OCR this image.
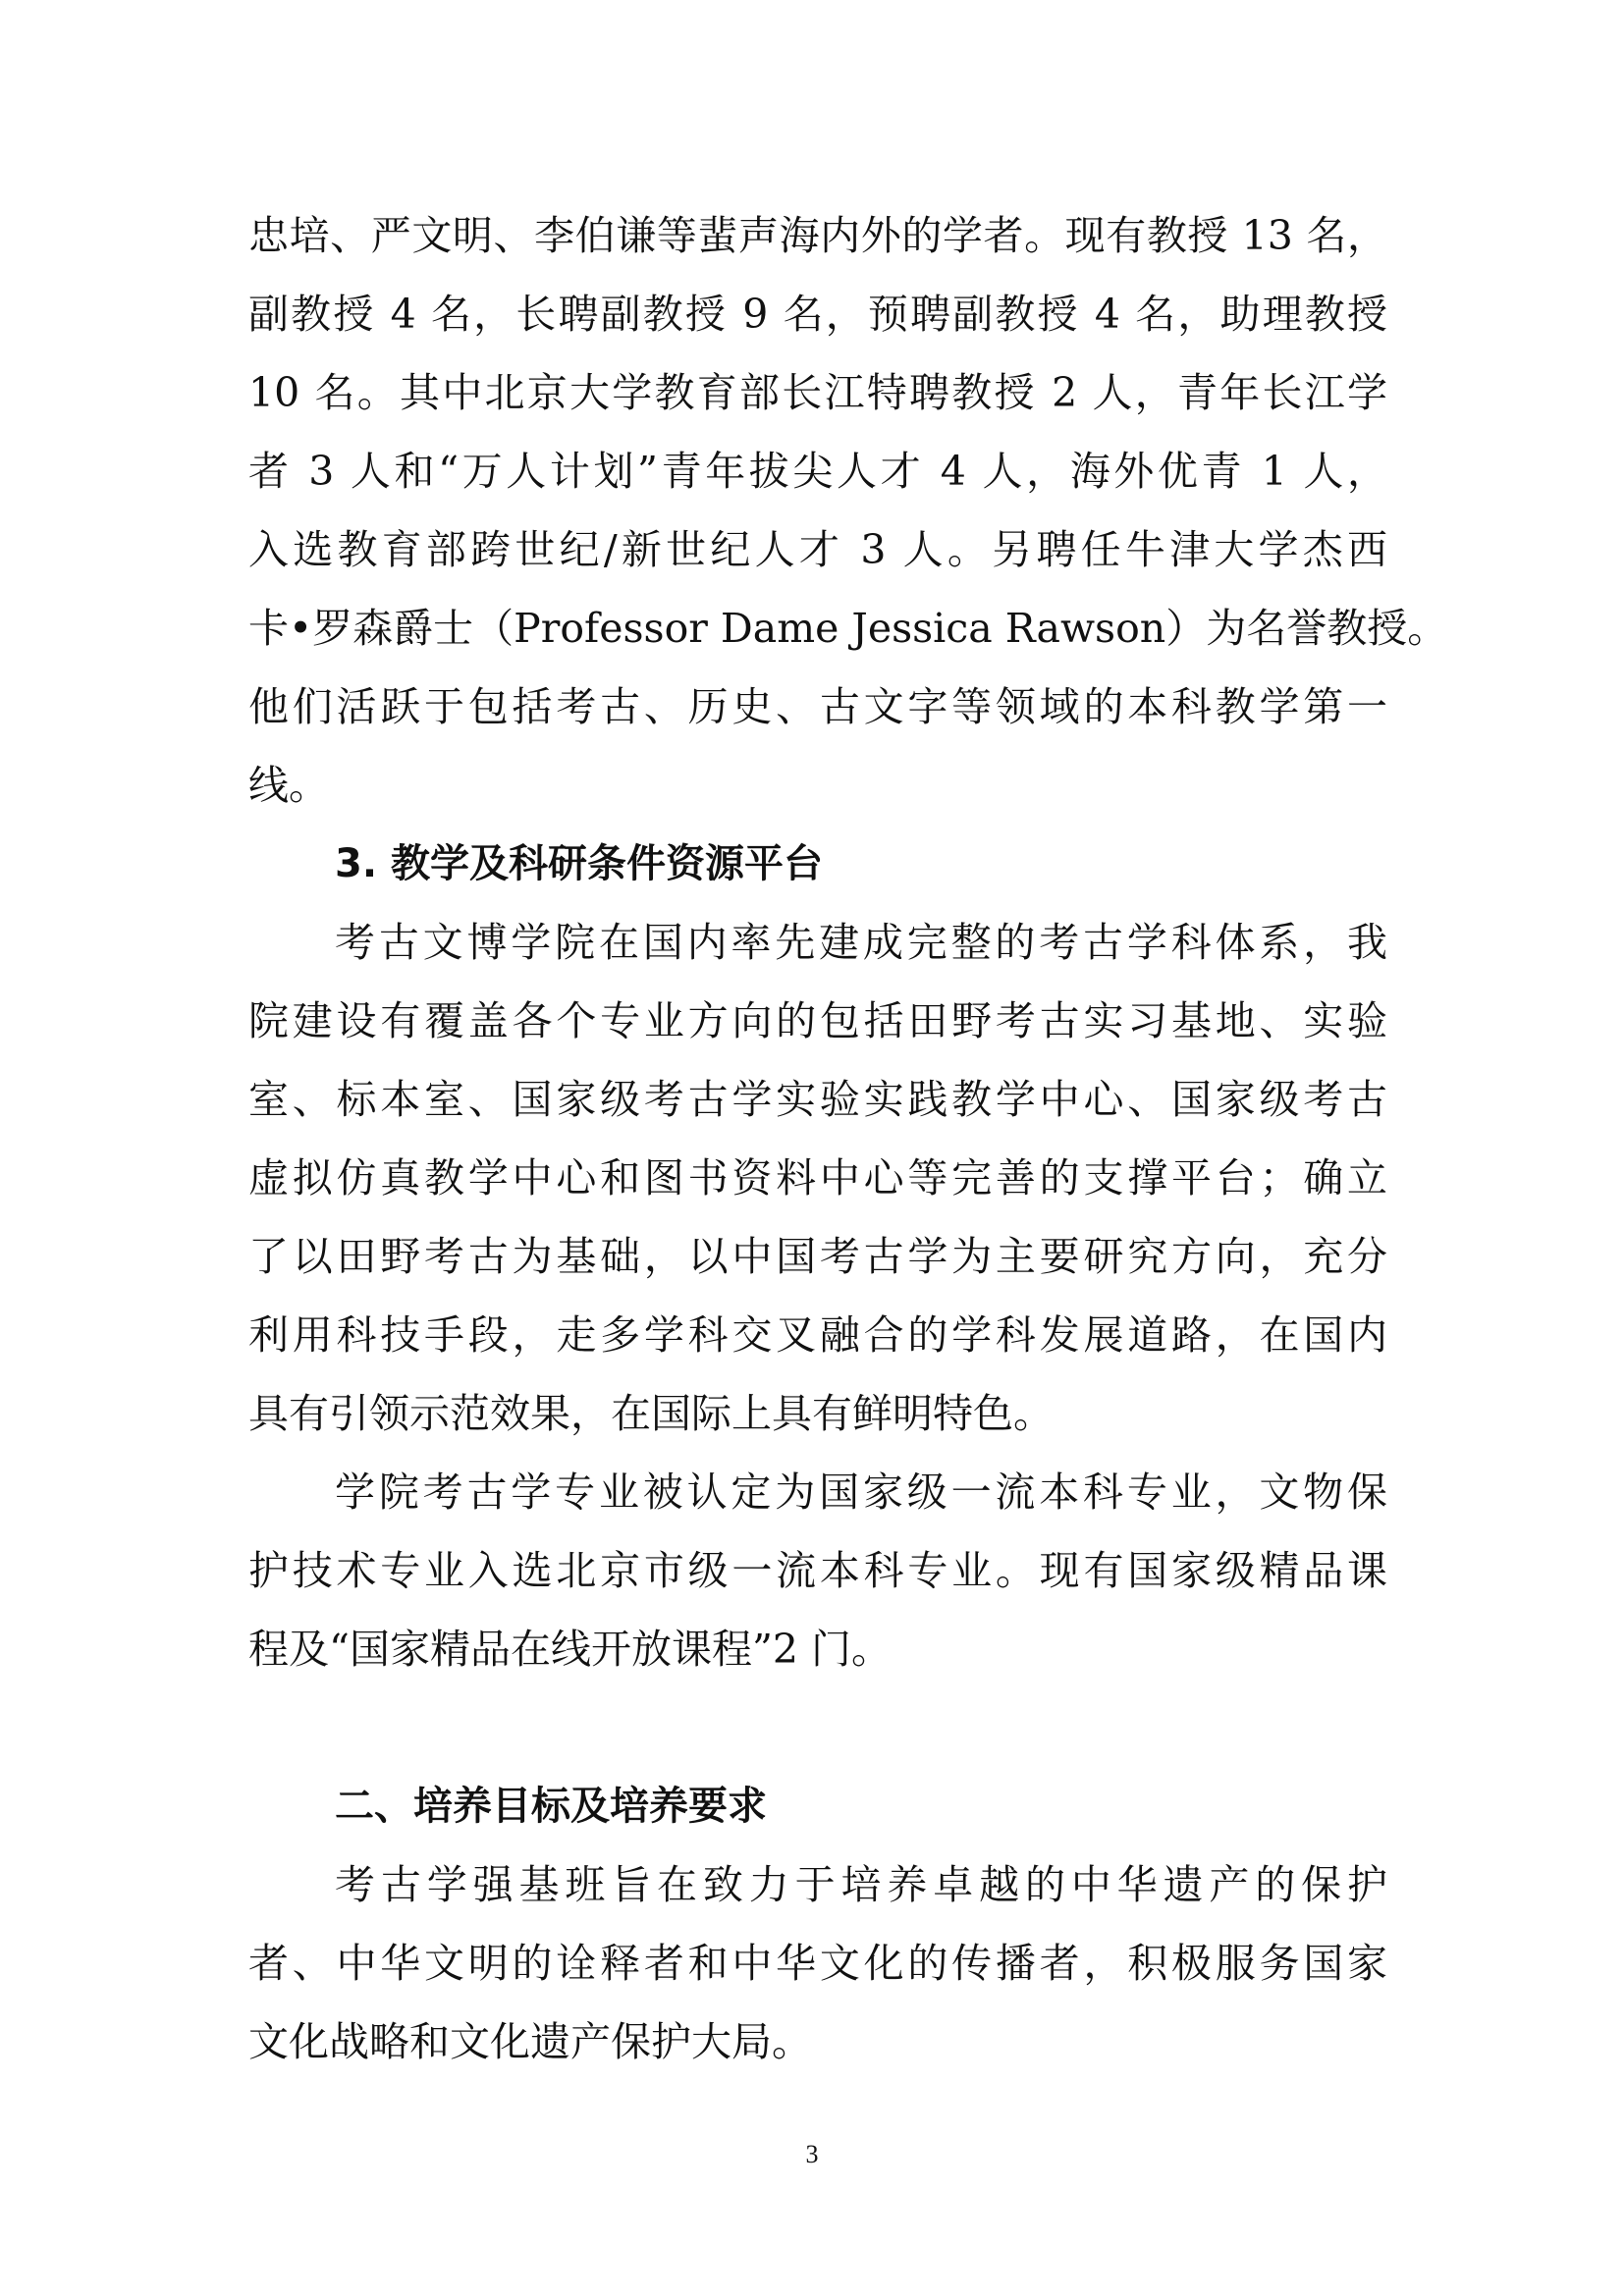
忠培、严文明、李伯谦等蜚声海内外的学者。现有教授 13 名，
副教授 4 名，长聘副教授 9 名，预聘副教授 4 名，助理教授
10 名。其中北京大学教育部长江特聘教授 2 人，青年长江学
者 3 人和“万人计划”青年拔尖人才 4 人，海外优青 1 人，
入选教育部跨世纪/新世纪人才 3 人。另聘任牛津大学杰西
卡•罗森爵士（Professor Dame Jessica Rawson）为名誉教授。
他们活跃于包括考古、历史、古文字等领域的本科教学第一
线。
3. 教学及科研条件资源平台
考古文博学院在国内率先建成完整的考古学科体系，我
院建设有覆盖各个专业方向的包括田野考古实习基地、实验
室、标本室、国家级考古学实验实践教学中心、国家级考古
虚拟仿真教学中心和图书资料中心等完善的支撑平台；确立
了以田野考古为基础，以中国考古学为主要研究方向，充分
利用科技手段，走多学科交叉融合的学科发展道路，在国内
具有引领示范效果，在国际上具有鲜明特色。
学院考古学专业被认定为国家级一流本科专业，文物保
护技术专业入选北京市级一流本科专业。现有国家级精品课
程及“国家精品在线开放课程”2 门。
二、培养目标及培养要求
考古学强基班旨在致力于培养卓越的中华遗产的保护
者、中华文明的诠释者和中华文化的传播者，积极服务国家
文化战略和文化遗产保护大局。
3
